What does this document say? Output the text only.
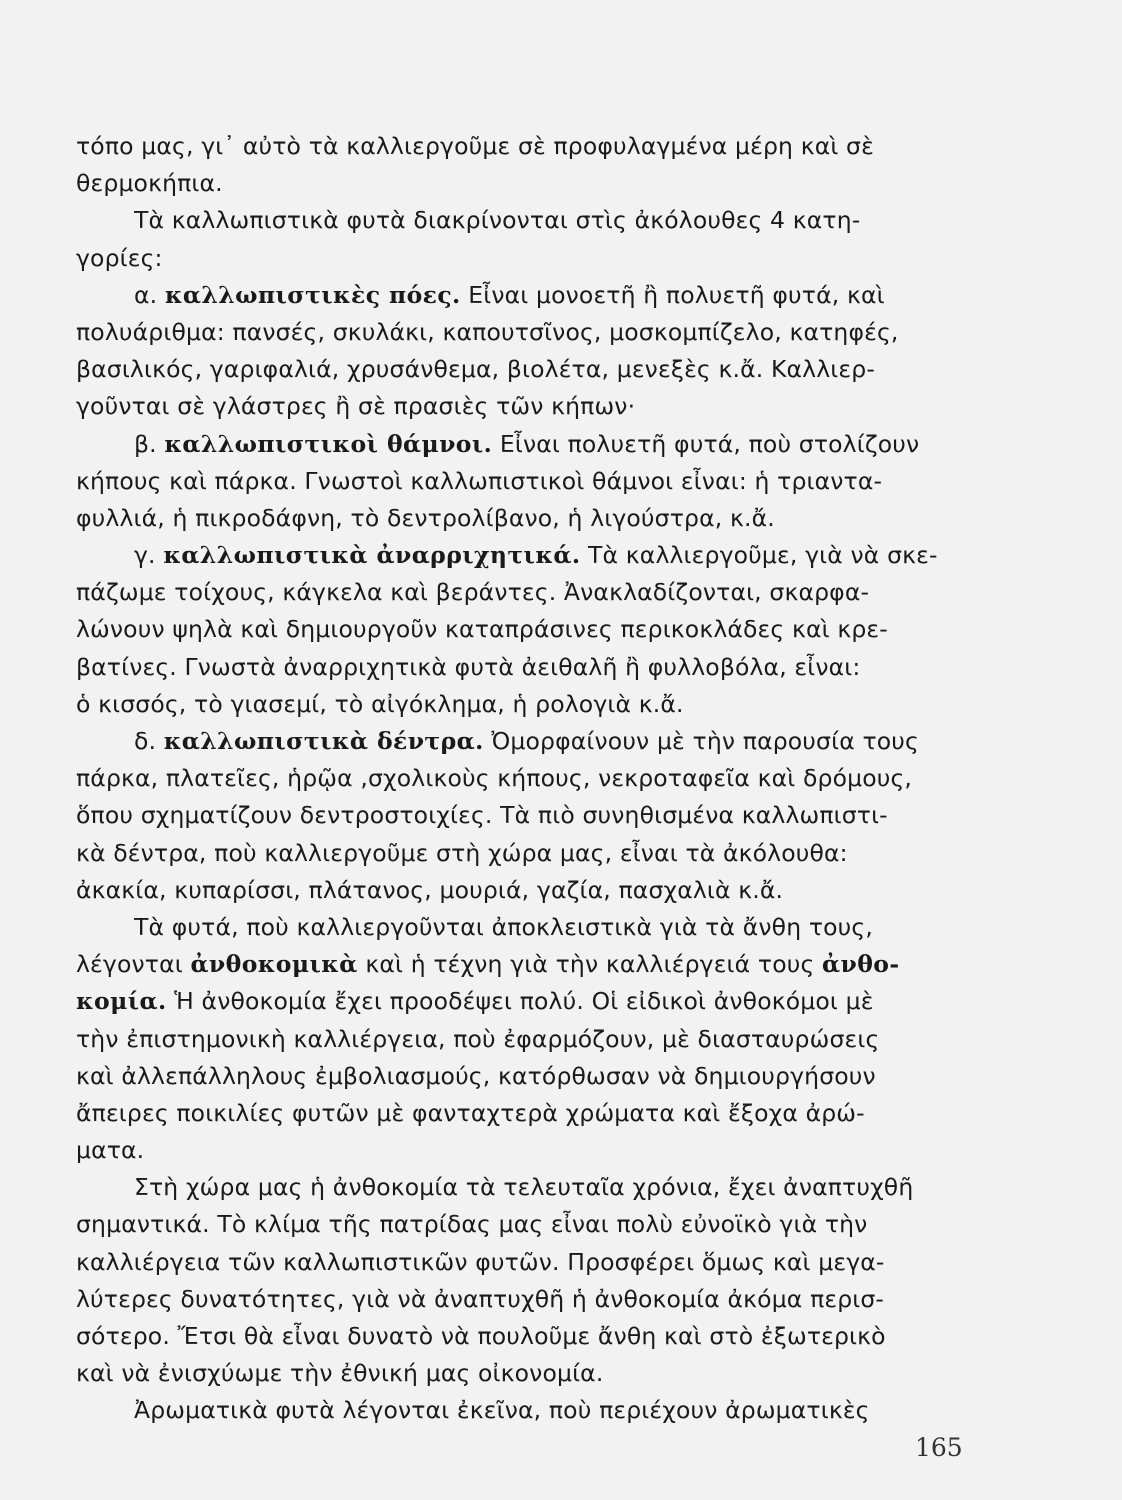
τόπο μας, γι᾽ αὐτὸ τὰ καλλιεργοῦμε σὲ προφυλαγμένα μέρη καὶ σὲ
θερμοκήπια.
Τὰ καλλωπιστικὰ φυτὰ διακρίνονται στὶς ἀκόλουθες 4 κατη-
γορίες:
α. καλλωπιστικὲς πόες. Εἶναι μονοετῆ ἢ πολυετῆ φυτά, καὶ
πολυάριθμα: πανσές, σκυλάκι, καπουτσῖνος, μοσκομπίζελο, κατηφές,
βασιλικός, γαριφαλιά, χρυσάνθεμα, βιολέτα, μενεξὲς κ.ἄ. Καλλιερ-
γοῦνται σὲ γλάστρες ἢ σὲ πρασιὲς τῶν κήπων·
β. καλλωπιστικοὶ θάμνοι. Εἶναι πολυετῆ φυτά, ποὺ στολίζουν
κήπους καὶ πάρκα. Γνωστοὶ καλλωπιστικοὶ θάμνοι εἶναι: ἡ τριαντα-
φυλλιά, ἡ πικροδάφνη, τὸ δεντρολίβανο, ἡ λιγούστρα, κ.ἄ.
γ. καλλωπιστικὰ ἀναρριχητικά. Τὰ καλλιεργοῦμε, γιὰ νὰ σκε-
πάζωμε τοίχους, κάγκελα καὶ βεράντες. Ἀνακλαδίζονται, σκαρφα-
λώνουν ψηλὰ καὶ δημιουργοῦν καταπράσινες περικοκλάδες καὶ κρε-
βατίνες. Γνωστὰ ἀναρριχητικὰ φυτὰ ἀειθαλῆ ἢ φυλλοβόλα, εἶναι:
ὁ κισσός, τὸ γιασεμί, τὸ αἰγόκλημα, ἡ ρολογιὰ κ.ἄ.
δ. καλλωπιστικὰ δέντρα. Ὀμορφαίνουν μὲ τὴν παρουσία τους
πάρκα, πλατεῖες, ἡρῷα ,σχολικοὺς κήπους, νεκροταφεῖα καὶ δρόμους,
ὅπου σχηματίζουν δεντροστοιχίες. Τὰ πιὸ συνηθισμένα καλλωπιστι-
κὰ δέντρα, ποὺ καλλιεργοῦμε στὴ χώρα μας, εἶναι τὰ ἀκόλουθα:
ἀκακία, κυπαρίσσι, πλάτανος, μουριά, γαζία, πασχαλιὰ κ.ἄ.
Τὰ φυτά, ποὺ καλλιεργοῦνται ἀποκλειστικὰ γιὰ τὰ ἄνθη τους,
λέγονται ἀνθοκομικὰ καὶ ἡ τέχνη γιὰ τὴν καλλιέργειά τους ἀνθο-
κομία. Ἡ ἀνθοκομία ἔχει προοδέψει πολύ. Οἱ εἰδικοὶ ἀνθοκόμοι μὲ
τὴν ἐπιστημονικὴ καλλιέργεια, ποὺ ἐφαρμόζουν, μὲ διασταυρώσεις
καὶ ἀλλεπάλληλους ἐμβολιασμούς, κατόρθωσαν νὰ δημιουργήσουν
ἄπειρες ποικιλίες φυτῶν μὲ φανταχτερὰ χρώματα καὶ ἔξοχα ἀρώ-
ματα.
Στὴ χώρα μας ἡ ἀνθοκομία τὰ τελευταῖα χρόνια, ἔχει ἀναπτυχθῆ
σημαντικά. Τὸ κλίμα τῆς πατρίδας μας εἶναι πολὺ εὐνοϊκὸ γιὰ τὴν
καλλιέργεια τῶν καλλωπιστικῶν φυτῶν. Προσφέρει ὅμως καὶ μεγα-
λύτερες δυνατότητες, γιὰ νὰ ἀναπτυχθῆ ἡ ἀνθοκομία ἀκόμα περισ-
σότερο. Ἔτσι θὰ εἶναι δυνατὸ νὰ πουλοῦμε ἄνθη καὶ στὸ ἐξωτερικὸ
καὶ νὰ ἐνισχύωμε τὴν ἐθνική μας οἰκονομία.
Ἀρωματικὰ φυτὰ λέγονται ἐκεῖνα, ποὺ περιέχουν ἀρωματικὲς
165
